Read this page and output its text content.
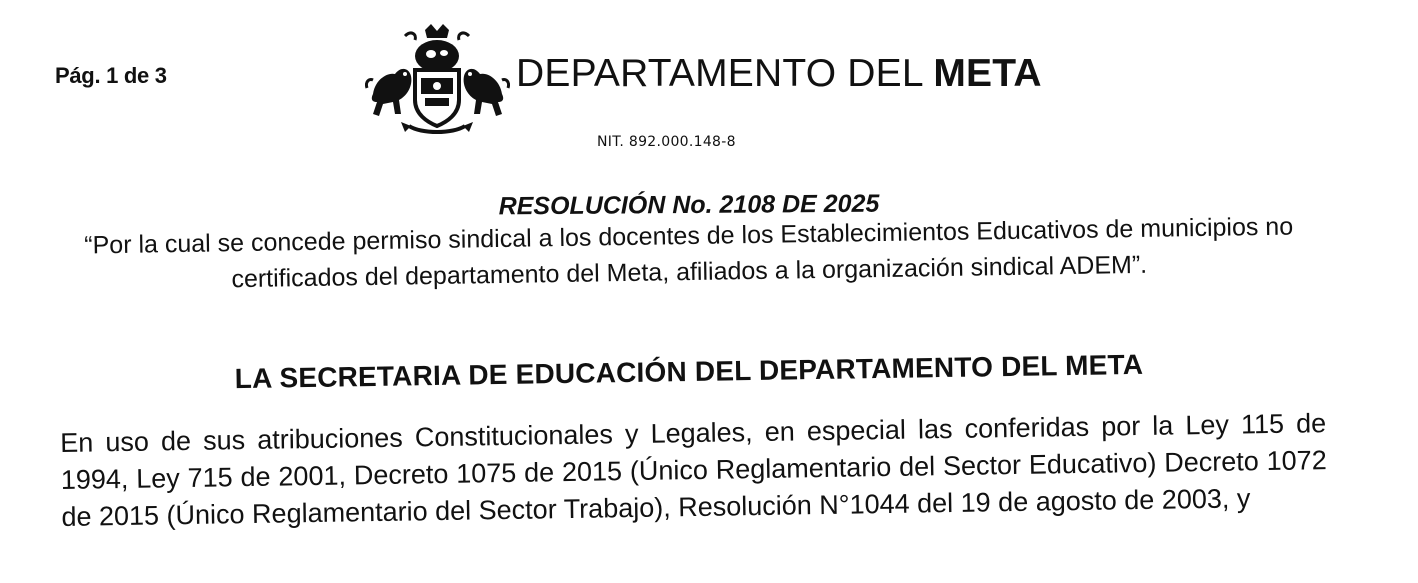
Pág. 1 de 3	DEPARTAMENTO DEL META
NIT. 892.000.148-8
RESOLUCIÓN No. 2108 DE 2025
“Por la cual se concede permiso sindical a los docentes de los Establecimientos Educativos de municipios no certificados del departamento del Meta, afiliados a la organización sindical ADEM”.
LA SECRETARIA DE EDUCACIÓN DEL DEPARTAMENTO DEL META
En uso de sus atribuciones Constitucionales y Legales, en especial las conferidas por la Ley 115 de 1994, Ley 715 de 2001, Decreto 1075 de 2015 (Único Reglamentario del Sector Educativo) Decreto 1072 de 2015 (Único Reglamentario del Sector Trabajo), Resolución N°1044 del 19 de agosto de 2003, y
